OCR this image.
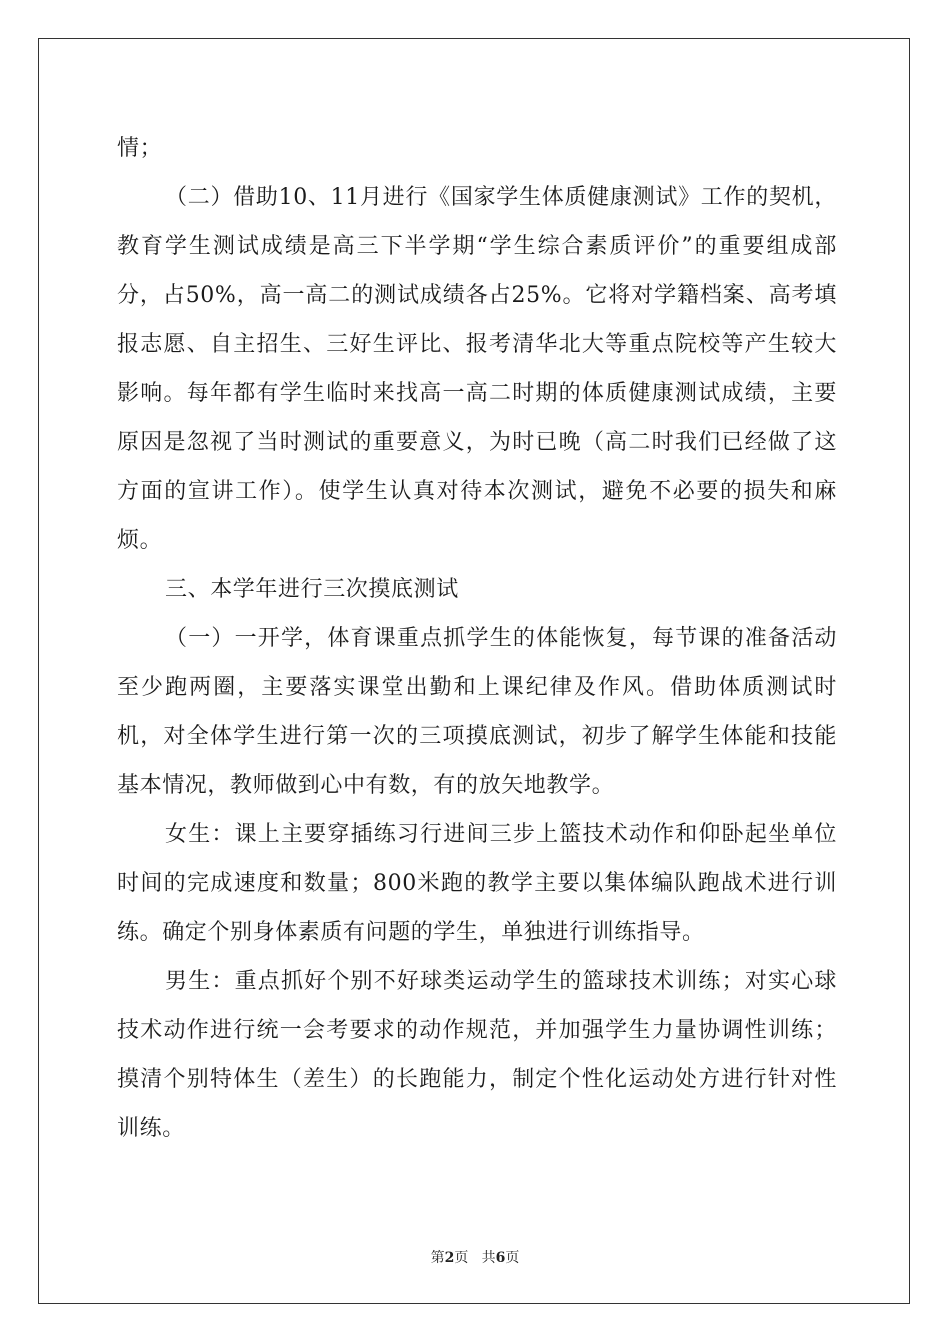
情；

（二）借助10、11月进行《国家学生体质健康测试》工作的契机，教育学生测试成绩是高三下半学期“学生综合素质评价”的重要组成部分，占50%，高一高二的测试成绩各占25%。它将对学籍档案、高考填报志愿、自主招生、三好生评比、报考清华北大等重点院校等产生较大影响。每年都有学生临时来找高一高二时期的体质健康测试成绩，主要原因是忽视了当时测试的重要意义，为时已晚（高二时我们已经做了这方面的宣讲工作）。使学生认真对待本次测试，避免不必要的损失和麻烦。

三、本学年进行三次摸底测试

（一）一开学，体育课重点抓学生的体能恢复，每节课的准备活动至少跑两圈，主要落实课堂出勤和上课纪律及作风。借助体质测试时机，对全体学生进行第一次的三项摸底测试，初步了解学生体能和技能基本情况，教师做到心中有数，有的放矢地教学。

女生：课上主要穿插练习行进间三步上篮技术动作和仰卧起坐单位时间的完成速度和数量；800米跑的教学主要以集体编队跑战术进行训练。确定个别身体素质有问题的学生，单独进行训练指导。

男生：重点抓好个别不好球类运动学生的篮球技术训练；对实心球技术动作进行统一会考要求的动作规范，并加强学生力量协调性训练；摸清个别特体生（差生）的长跑能力，制定个性化运动处方进行针对性训练。

第2页   共6页
